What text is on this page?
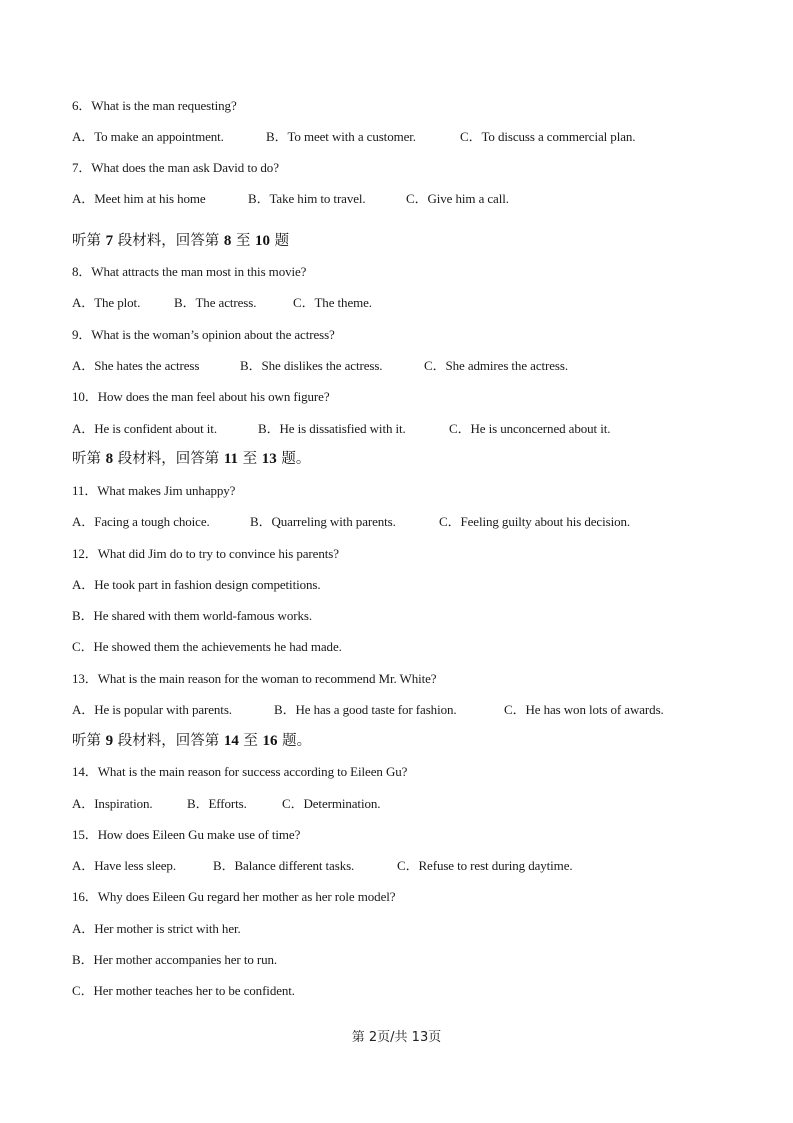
6．What is the man requesting?
A．To make an appointment.	B．To meet with a customer.	C．To discuss a commercial plan.
7．What does the man ask David to do?
A．Meet him at his home	B．Take him to travel.	C．Give him a call.
听第 7 段材料，回答第 8 至 10 题
8．What attracts the man most in this movie?
A．The plot.	B．The actress.	C．The theme.
9．What is the woman’s opinion about the actress?
A．She hates the actress	B．She dislikes the actress.	C．She admires the actress.
10．How does the man feel about his own figure?
A．He is confident about it.	B．He is dissatisfied with it.	C．He is unconcerned about it.
听第 8 段材料，回答第 11 至 13 题。
11．What makes Jim unhappy?
A．Facing a tough choice.	B．Quarreling with parents.	C．Feeling guilty about his decision.
12．What did Jim do to try to convince his parents?
A．He took part in fashion design competitions.
B．He shared with them world-famous works.
C．He showed them the achievements he had made.
13．What is the main reason for the woman to recommend Mr. White?
A．He is popular with parents.	B．He has a good taste for fashion.	C．He has won lots of awards.
听第 9 段材料，回答第 14 至 16 题。
14．What is the main reason for success according to Eileen Gu?
A．Inspiration.	B．Efforts.	C．Determination.
15．How does Eileen Gu make use of time?
A．Have less sleep.	B．Balance different tasks.	C．Refuse to rest during daytime.
16．Why does Eileen Gu regard her mother as her role model?
A．Her mother is strict with her.
B．Her mother accompanies her to run.
C．Her mother teaches her to be confident.
第 2页/共 13页
